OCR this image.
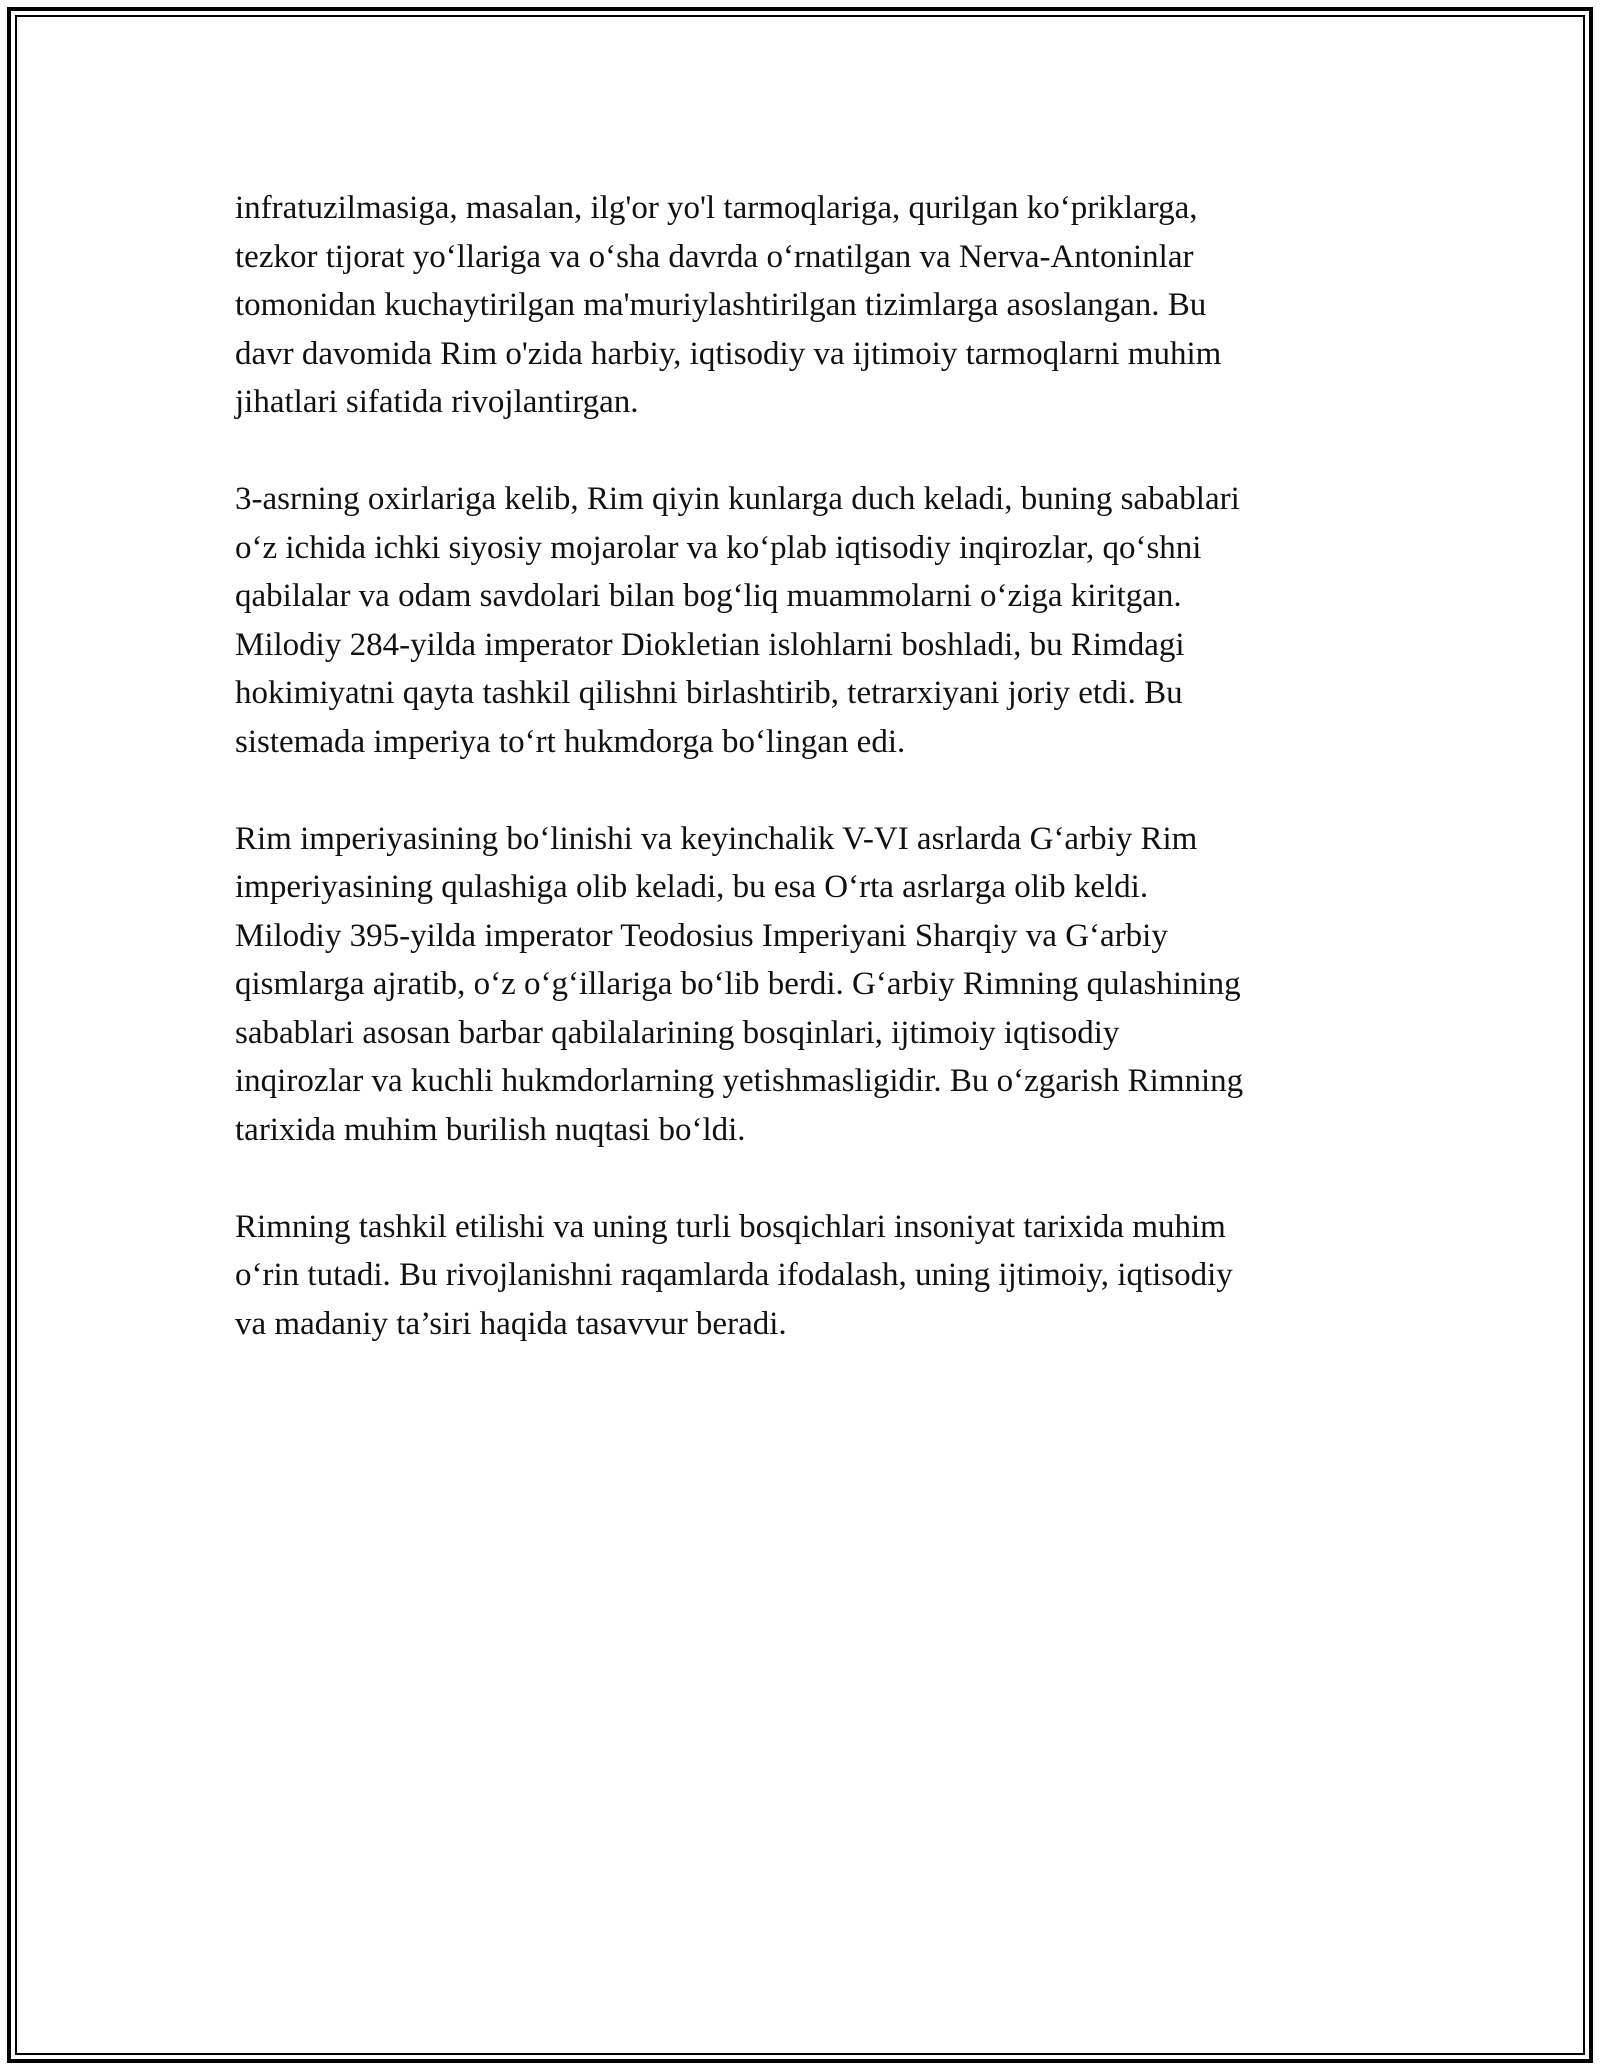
infratuzilmasiga, masalan, ilg'or yo'l tarmoqlariga, qurilgan ko‘priklarga,
tezkor tijorat yo‘llariga va o‘sha davrda o‘rnatilgan va Nerva-Antoninlar
tomonidan kuchaytirilgan ma'muriylashtirilgan tizimlarga asoslangan. Bu
davr davomida Rim o'zida harbiy, iqtisodiy va ijtimoiy tarmoqlarni muhim
jihatlari sifatida rivojlantirgan.

3-asrning oxirlariga kelib, Rim qiyin kunlarga duch keladi, buning sabablari
o‘z ichida ichki siyosiy mojarolar va ko‘plab iqtisodiy inqirozlar, qo‘shni
qabilalar va odam savdolari bilan bog‘liq muammolarni o‘ziga kiritgan.
Milodiy 284-yilda imperator Diokletian islohlarni boshladi, bu Rimdagi
hokimiyatni qayta tashkil qilishni birlashtirib, tetrarxiyani joriy etdi. Bu
sistemada imperiya to‘rt hukmdorga bo‘lingan edi.

Rim imperiyasining bo‘linishi va keyinchalik V-VI asrlarda G‘arbiy Rim
imperiyasining qulashiga olib keladi, bu esa O‘rta asrlarga olib keldi.
Milodiy 395-yilda imperator Teodosius Imperiyani Sharqiy va G‘arbiy
qismlarga ajratib, o‘z o‘g‘illariga bo‘lib berdi. G‘arbiy Rimning qulashining
sabablari asosan barbar qabilalarining bosqinlari, ijtimoiy iqtisodiy
inqirozlar va kuchli hukmdorlarning yetishmasligidir. Bu o‘zgarish Rimning
tarixida muhim burilish nuqtasi bo‘ldi.

Rimning tashkil etilishi va uning turli bosqichlari insoniyat tarixida muhim
o‘rin tutadi. Bu rivojlanishni raqamlarda ifodalash, uning ijtimoiy, iqtisodiy
va madaniy ta’siri haqida tasavvur beradi.
